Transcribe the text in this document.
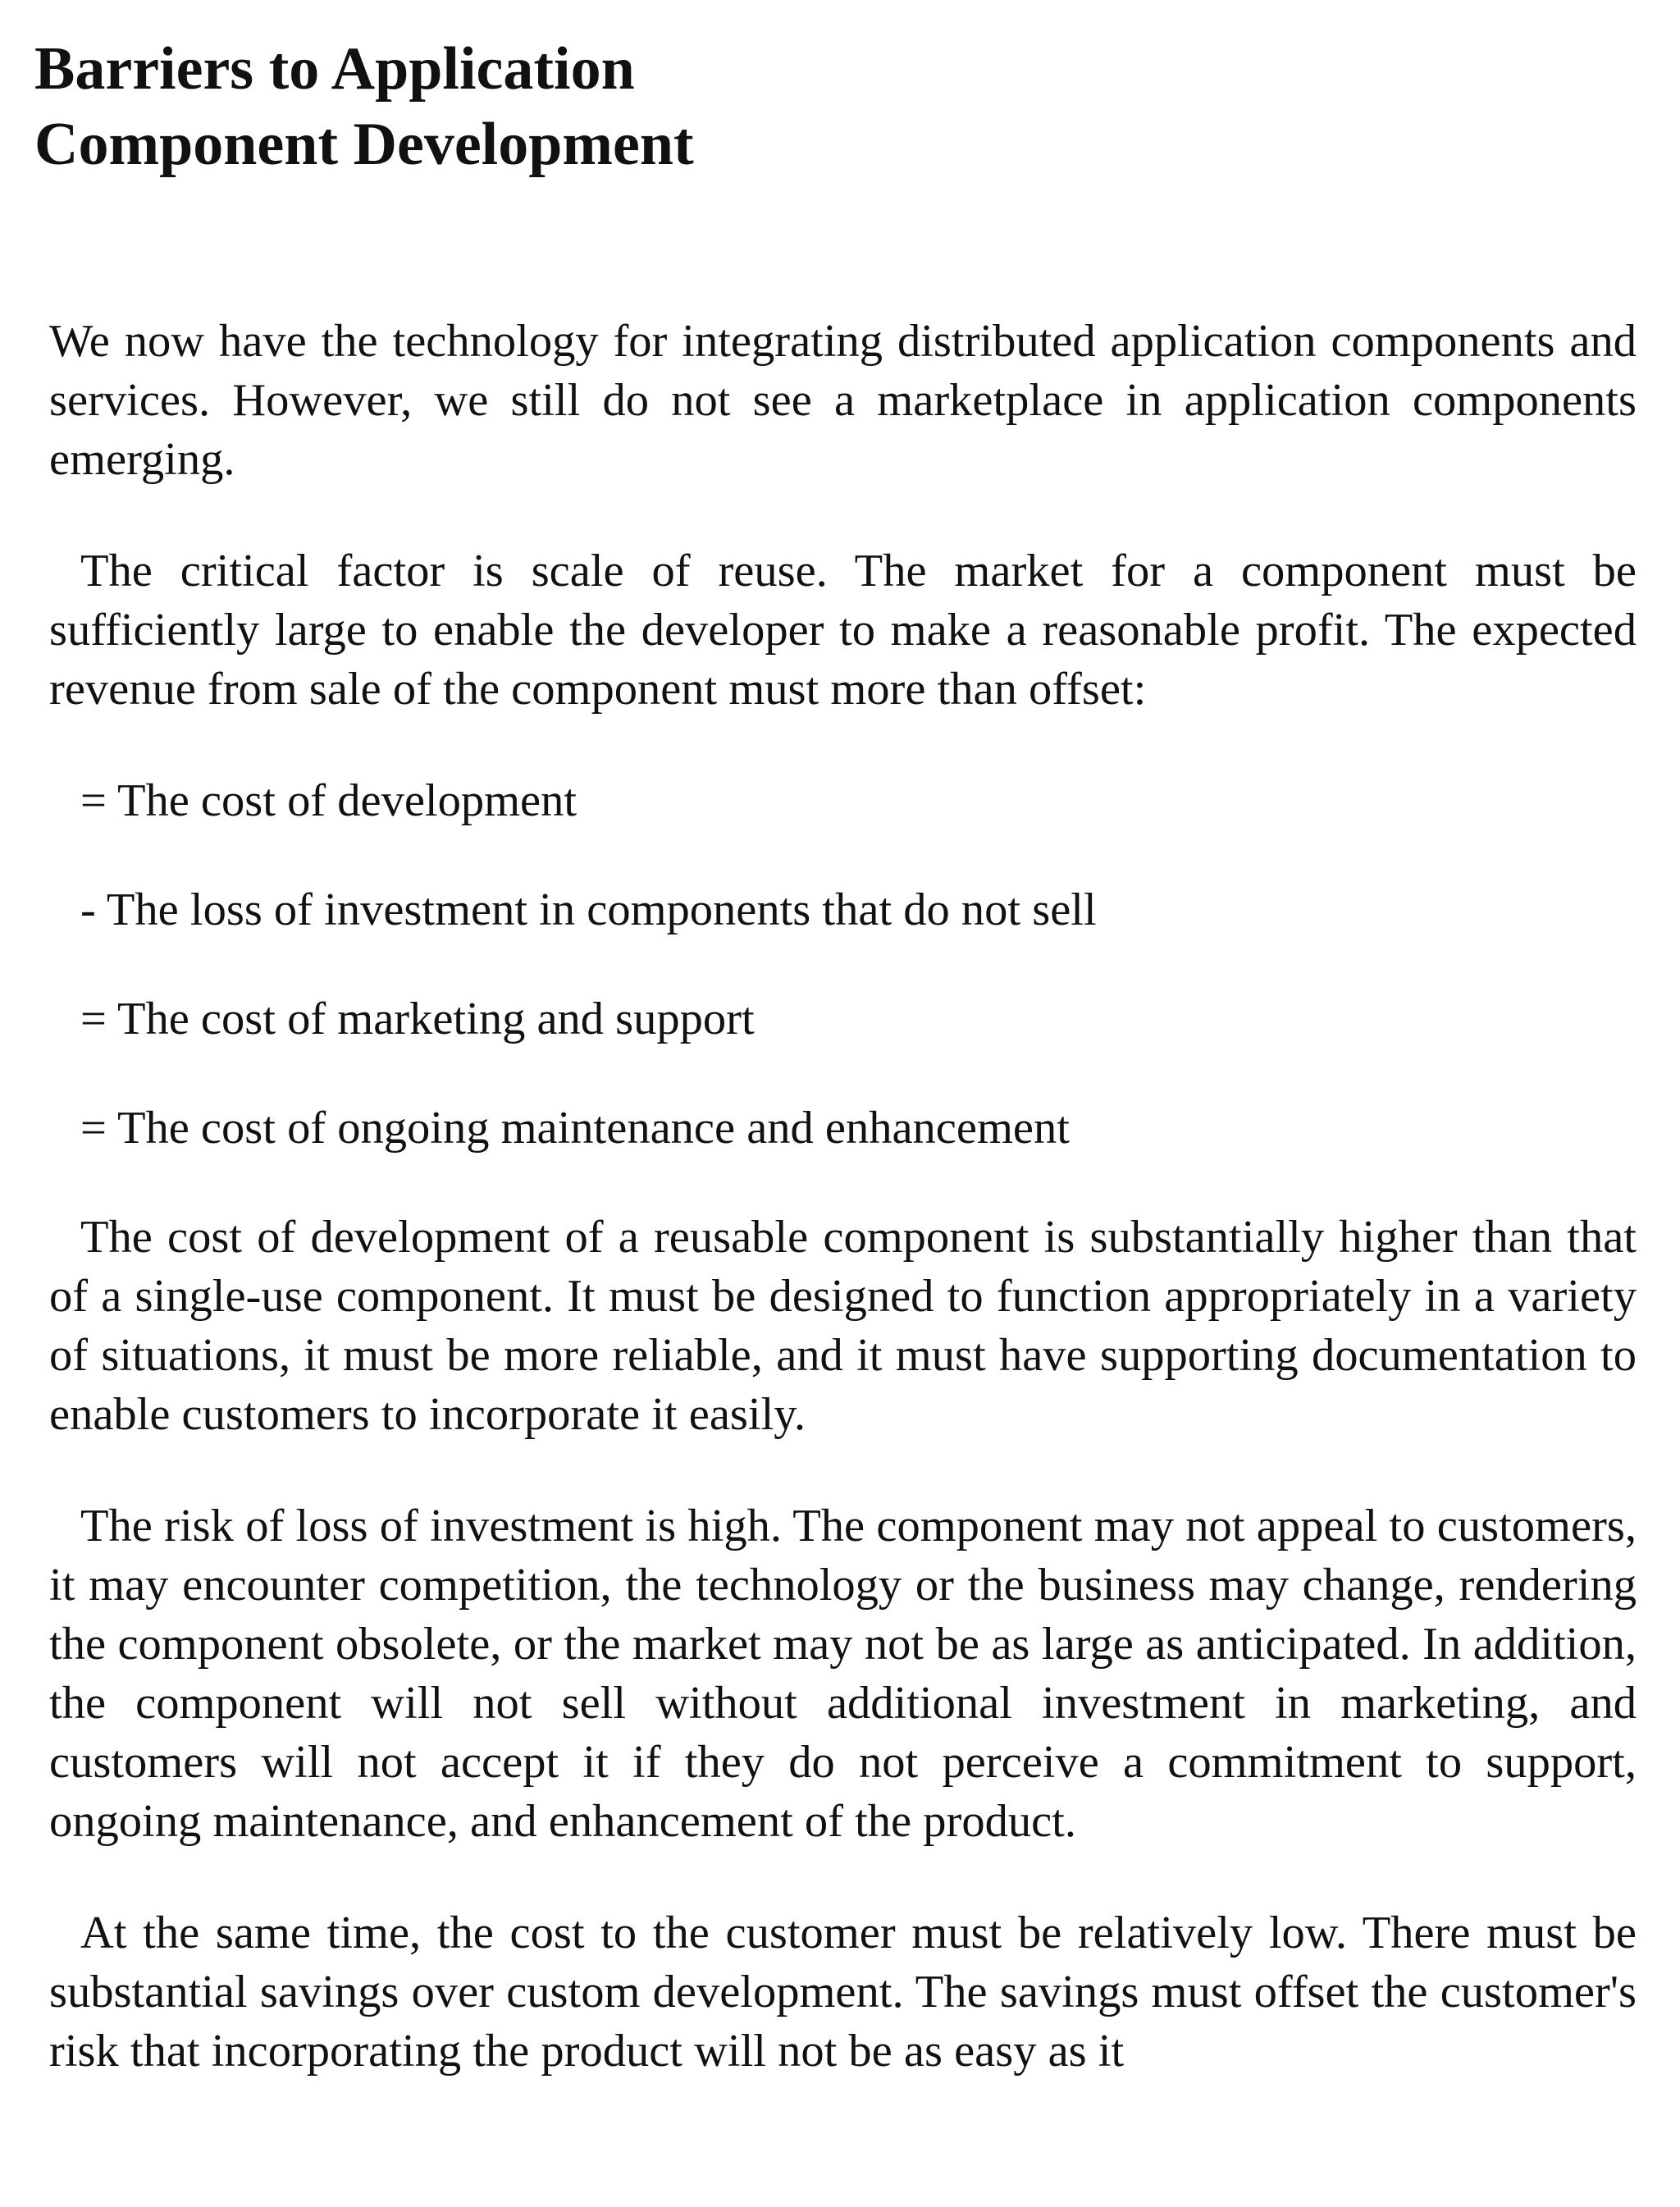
Barriers to Application
Component Development

We now have the technology for integrating distributed application components and services. However, we still do not see a marketplace in application components emerging.

The critical factor is scale of reuse. The market for a component must be sufficiently large to enable the developer to make a reasonable profit. The expected revenue from sale of the component must more than offset:

= The cost of development
- The loss of investment in components that do not sell
= The cost of marketing and support
= The cost of ongoing maintenance and enhancement

The cost of development of a reusable component is substantially higher than that of a single-use component. It must be designed to function appropriately in a variety of situations, it must be more reliable, and it must have supporting documentation to enable customers to incorporate it easily.

The risk of loss of investment is high. The component may not appeal to customers, it may encounter competition, the technology or the business may change, rendering the component obsolete, or the market may not be as large as anticipated. In addition, the component will not sell without additional investment in marketing, and customers will not accept it if they do not perceive a commitment to support, ongoing maintenance, and enhancement of the product.

At the same time, the cost to the customer must be relatively low. There must be substantial savings over custom development. The savings must offset the customer's risk that incorporating the product will not be as easy as it
